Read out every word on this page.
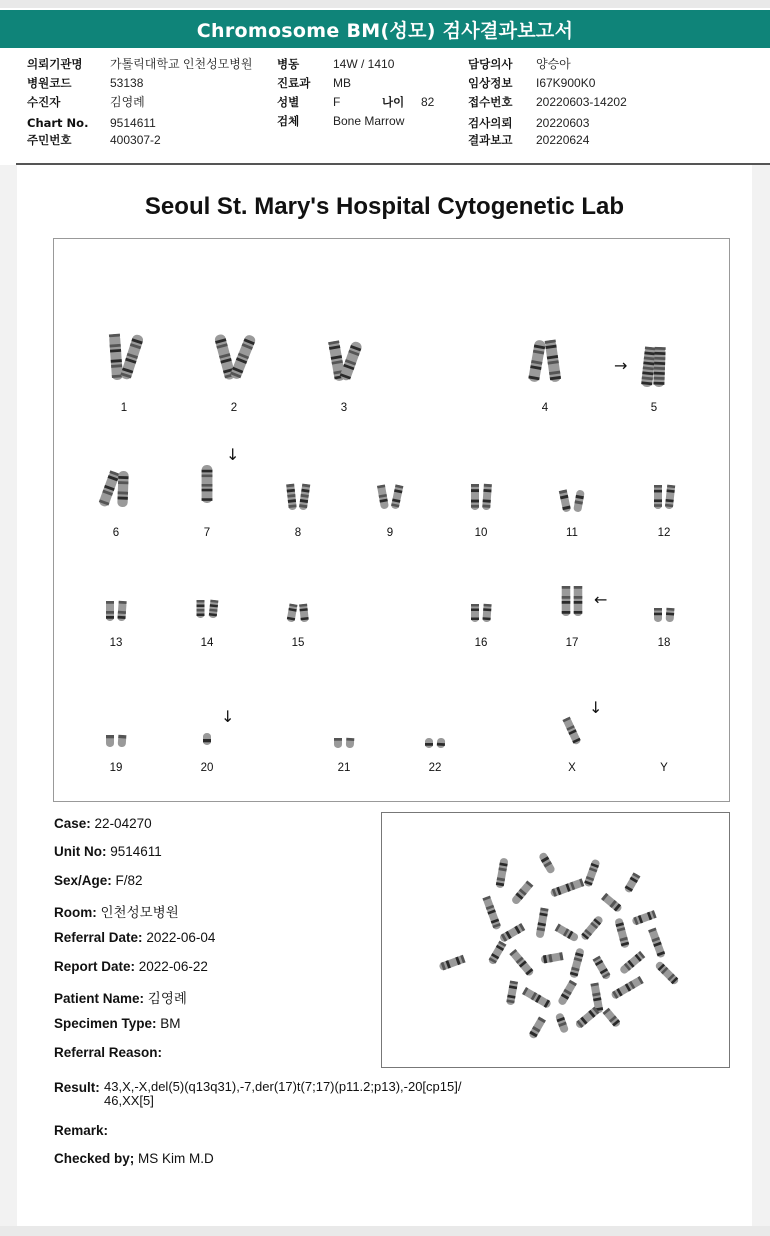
Chromosome BM(성모) 검사결과보고서
의뢰기관명 가톨릭대학교 인천성모병원
병원코드	53138
수진자	김영례
Chart No. 9514611
주민번호	400307-2
병동	14W / 1410
진료과 MB
성별	F	나이 82
검체	Bone Marrow
담당의사 양승아
임상정보 I67K900K0
접수번호 20220603-14202
검사의뢰 20220603
결과보고 20220624
Seoul St. Mary's Hospital Cytogenetic Lab
1	2	3	4	5
6	7	8	9	10	11	12
13	14	15	16	17	18
19	20	21	22	X	Y
→
↓
←
↓	↓
Case: 22-04270
Unit No: 9514611
Sex/Age: F/82
Room: 인천성모병원
Referral Date: 2022-06-04
Report Date: 2022-06-22
Patient Name: 김영례
Specimen Type: BM
Referral Reason:
Result: 43,X,-X,del(5)(q13q31),-7,der(17)t(7;17)(p11.2;p13),-20[cp15]/
46,XX[5]
Remark:
Checked by; MS Kim M.D
